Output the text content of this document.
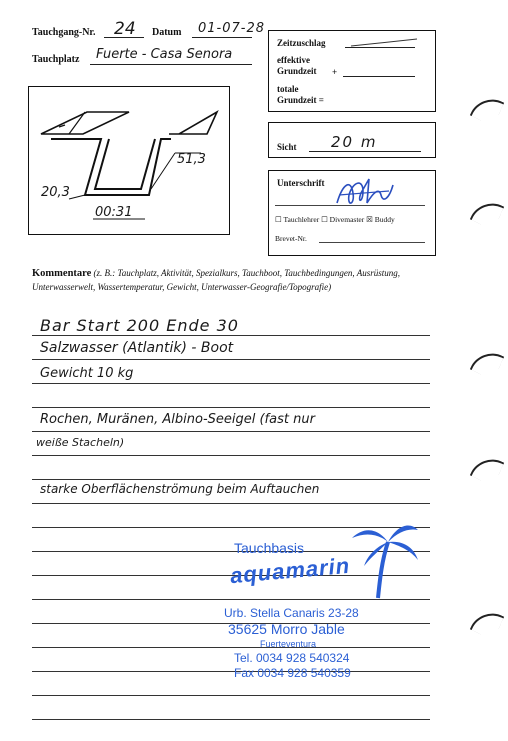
Tauchgang-Nr. 24 Datum 01-07-28
Tauchplatz Fuerte - Casa Senora
Zeitzuschlag
effektive
Grundzeit +
totale
Grundzeit =
20,3
51,3
00:31
Sicht 20 m
Unterschrift
☐ Tauchlehrer ☐ Divemaster ☒ Buddy
Brevet-Nr.
Kommentare (z. B.: Tauchplatz, Aktivität, Spezialkurs, Tauchboot, Tauchbedingungen, Ausrüstung, Unterwasserwelt, Wassertemperatur, Gewicht, Unterwasser-Geografie/Topografie)
Bar Start 200 Ende 30
Salzwasser (Atlantik) - Boot
Gewicht 10 kg
Rochen, Muränen, Albino-Seeigel (fast nur
weiße Stacheln)
starke Oberflächenströmung beim Auftauchen
Tauchbasis
aquamarin
Urb. Stella Canaris 23-28
35625 Morro Jable
Fuerteventura
Tel. 0034 928 540324
Fax 0034 928 540359
